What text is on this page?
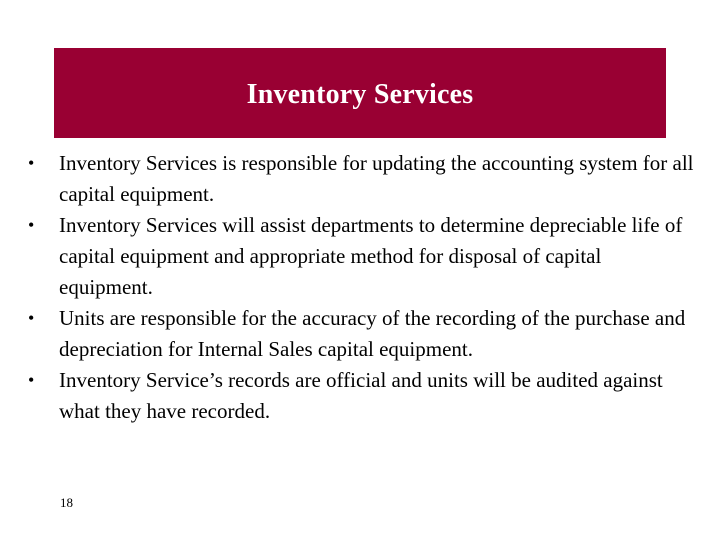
Inventory Services
•	Inventory Services is responsible for updating the accounting system for all capital equipment.
•	Inventory Services will assist departments to determine depreciable life of capital equipment and appropriate method for disposal of capital equipment.
•	Units are responsible for the accuracy of the recording of the purchase and depreciation for Internal Sales capital equipment.
•	Inventory Service’s records are official and units will be audited against what they have recorded.
18
